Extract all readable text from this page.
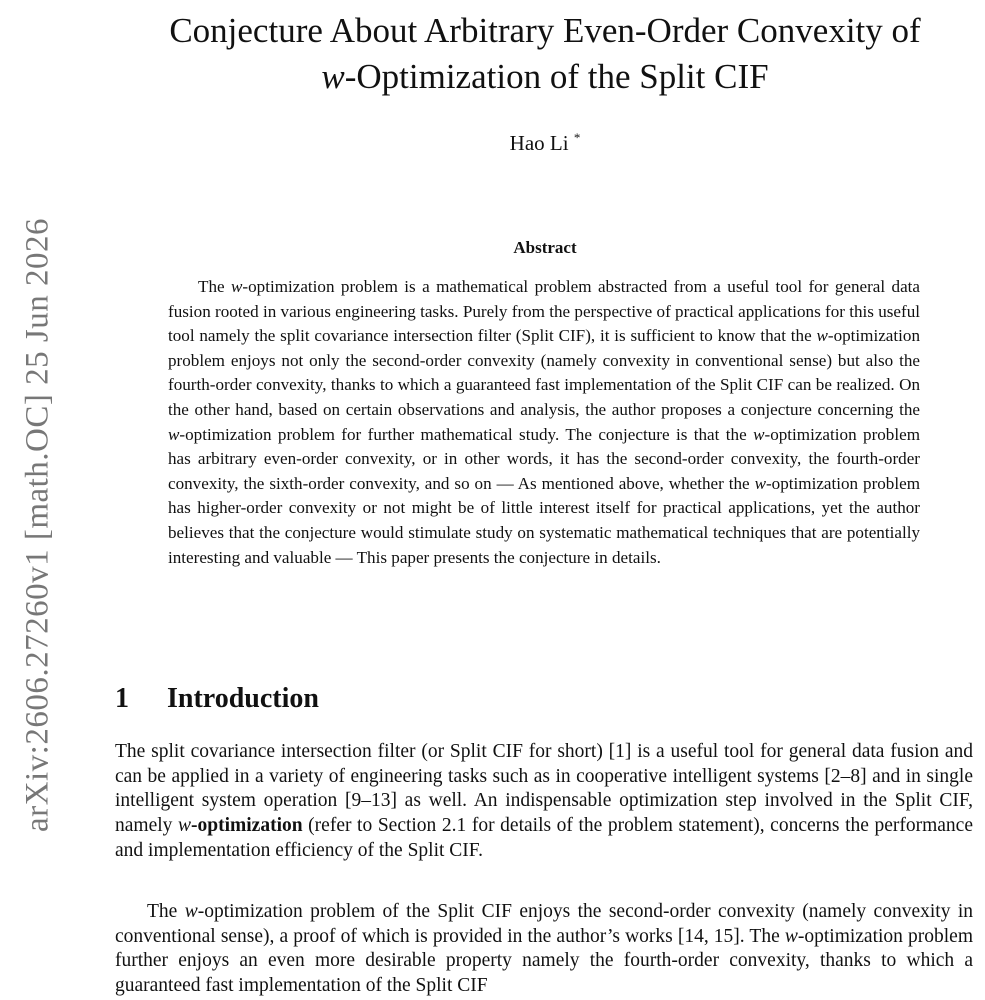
arXiv:2606.27260v1 [math.OC] 25 Jun 2026
Conjecture About Arbitrary Even-Order Convexity of
w-Optimization of the Split CIF
Hao Li *
Abstract

The w-optimization problem is a mathematical problem abstracted from a useful tool for general data fusion rooted in various engineering tasks. Purely from the perspective of practical applications for this useful tool namely the split covariance intersection filter (Split CIF), it is sufficient to know that the w-optimization problem enjoys not only the second-order convexity (namely convexity in conventional sense) but also the fourth-order convexity, thanks to which a guaranteed fast implementation of the Split CIF can be realized. On the other hand, based on certain observations and analysis, the author proposes a conjecture concerning the w-optimization problem for further mathematical study. The conjecture is that the w-optimization problem has arbitrary even-order convexity, or in other words, it has the second-order convexity, the fourth-order convexity, the sixth-order convexity, and so on — As mentioned above, whether the w-optimization problem has higher-order convexity or not might be of little interest itself for practical applications, yet the author believes that the conjecture would stimulate study on systematic mathematical techniques that are potentially interesting and valuable — This paper presents the conjecture in details.

1 Introduction

The split covariance intersection filter (or Split CIF for short) [1] is a useful tool for general data fusion and can be applied in a variety of engineering tasks such as in cooperative intelligent systems [2–8] and in single intelligent system operation [9–13] as well. An indispensable optimization step involved in the Split CIF, namely w-optimization (refer to Section 2.1 for details of the problem statement), concerns the performance and implementation efficiency of the Split CIF.

The w-optimization problem of the Split CIF enjoys the second-order convexity (namely convexity in conventional sense), a proof of which is provided in the author’s works [14, 15]. The w-optimization problem further enjoys an even more desirable property namely the fourth-order convexity, thanks to which a guaranteed fast implementation of the Split CIF
